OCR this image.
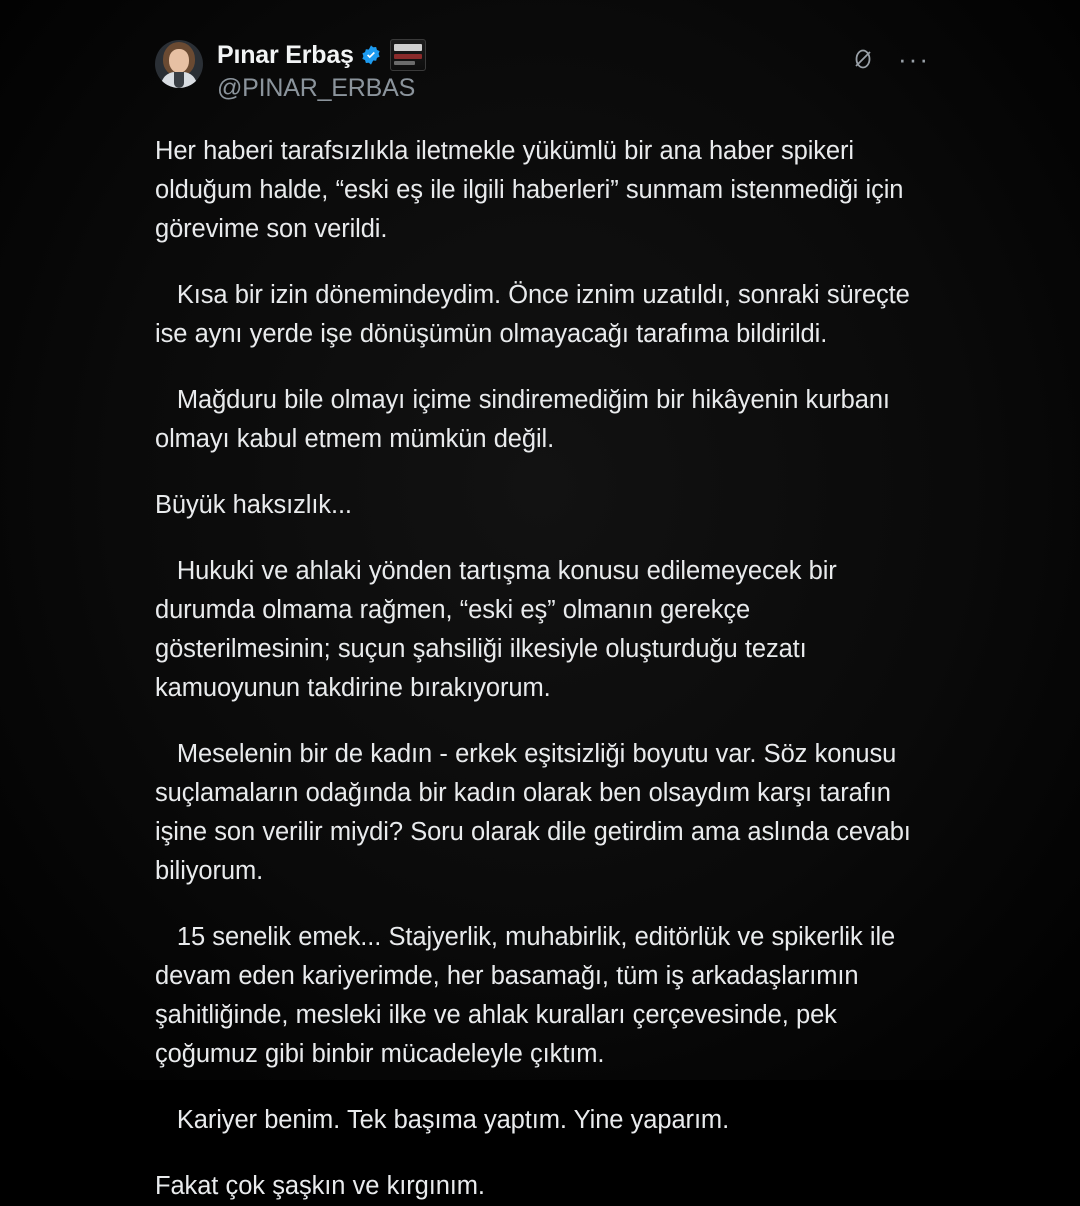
Pınar Erbaş
@PINAR_ERBAS
···

Her haberi tarafsızlıkla iletmekle yükümlü bir ana haber spikeri olduğum halde, “eski eş ile ilgili haberleri” sunmam istenmediği için görevime son verildi.

Kısa bir izin dönemindeydim. Önce iznim uzatıldı, sonraki süreçte ise aynı yerde işe dönüşümün olmayacağı tarafıma bildirildi.

Mağduru bile olmayı içime sindiremediğim bir hikâyenin kurbanı olmayı kabul etmem mümkün değil.

Büyük haksızlık...

Hukuki ve ahlaki yönden tartışma konusu edilemeyecek bir durumda olmama rağmen, “eski eş” olmanın gerekçe gösterilmesinin; suçun şahsiliği ilkesiyle oluşturduğu tezatı kamuoyunun takdirine bırakıyorum.

Meselenin bir de kadın - erkek eşitsizliği boyutu var. Söz konusu suçlamaların odağında bir kadın olarak ben olsaydım karşı tarafın işine son verilir miydi? Soru olarak dile getirdim ama aslında cevabı biliyorum.

15 senelik emek... Stajyerlik, muhabirlik, editörlük ve spikerlik ile devam eden kariyerimde, her basamağı, tüm iş arkadaşlarımın şahitliğinde, mesleki ilke ve ahlak kuralları çerçevesinde, pek çoğumuz gibi binbir mücadeleyle çıktım.

Kariyer benim. Tek başıma yaptım. Yine yaparım.

Fakat çok şaşkın ve kırgınım.
